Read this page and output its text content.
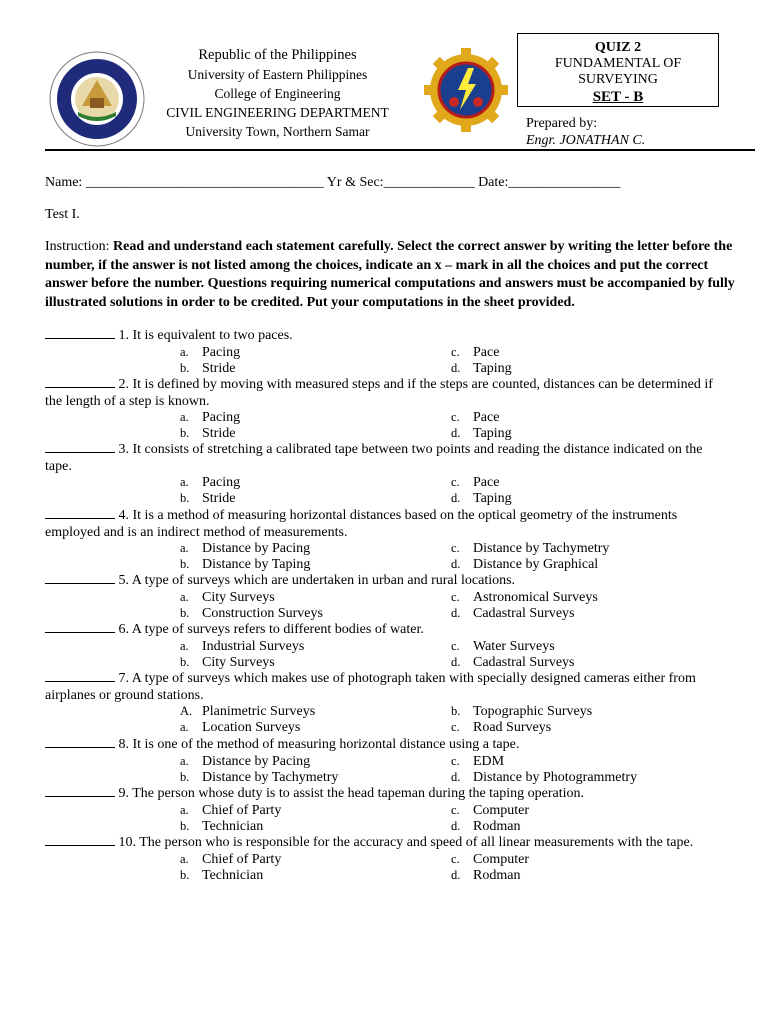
Republic of the Philippines
University of Eastern Philippines
College of Engineering
CIVIL ENGINEERING DEPARTMENT
University Town, Northern Samar
QUIZ 2
FUNDAMENTAL OF
SURVEYING
SET - B
Prepared by:
Engr. JONATHAN C.
Name: __________________________________ Yr & Sec:_____________ Date:________________
Test I.
Instruction: Read and understand each statement carefully. Select the correct answer by writing the letter before the number, if the answer is not listed among the choices, indicate an x – mark in all the choices and put the correct answer before the number. Questions requiring numerical computations and answers must be accompanied by fully illustrated solutions in order to be credited. Put your computations in the sheet provided.
1. It is equivalent to two paces.
a. Pacing	c. Pace
b. Stride	d. Taping
2. It is defined by moving with measured steps and if the steps are counted, distances can be determined if
the length of a step is known.
a. Pacing	c. Pace
b. Stride	d. Taping
3. It consists of stretching a calibrated tape between two points and reading the distance indicated on the
tape.
a. Pacing	c. Pace
b. Stride	d. Taping
4. It is a method of measuring horizontal distances based on the optical geometry of the instruments
employed and is an indirect method of measurements.
a. Distance by Pacing	c. Distance by Tachymetry
b. Distance by Taping	d. Distance by Graphical
5. A type of surveys which are undertaken in urban and rural locations.
a. City Surveys	c. Astronomical Surveys
b. Construction Surveys	d. Cadastral Surveys
6. A type of surveys refers to different bodies of water.
a. Industrial Surveys	c. Water Surveys
b. City Surveys	d. Cadastral Surveys
7. A type of surveys which makes use of photograph taken with specially designed cameras either from
airplanes or ground stations.
A. Planimetric Surveys	b. Topographic Surveys
a. Location Surveys	c. Road Surveys
8. It is one of the method of measuring horizontal distance using a tape.
a. Distance by Pacing	c. EDM
b. Distance by Tachymetry	d. Distance by Photogrammetry
9. The person whose duty is to assist the head tapeman during the taping operation.
a. Chief of Party	c. Computer
b. Technician	d. Rodman
10. The person who is responsible for the accuracy and speed of all linear measurements with the tape.
a. Chief of Party	c. Computer
b. Technician	d. Rodman
